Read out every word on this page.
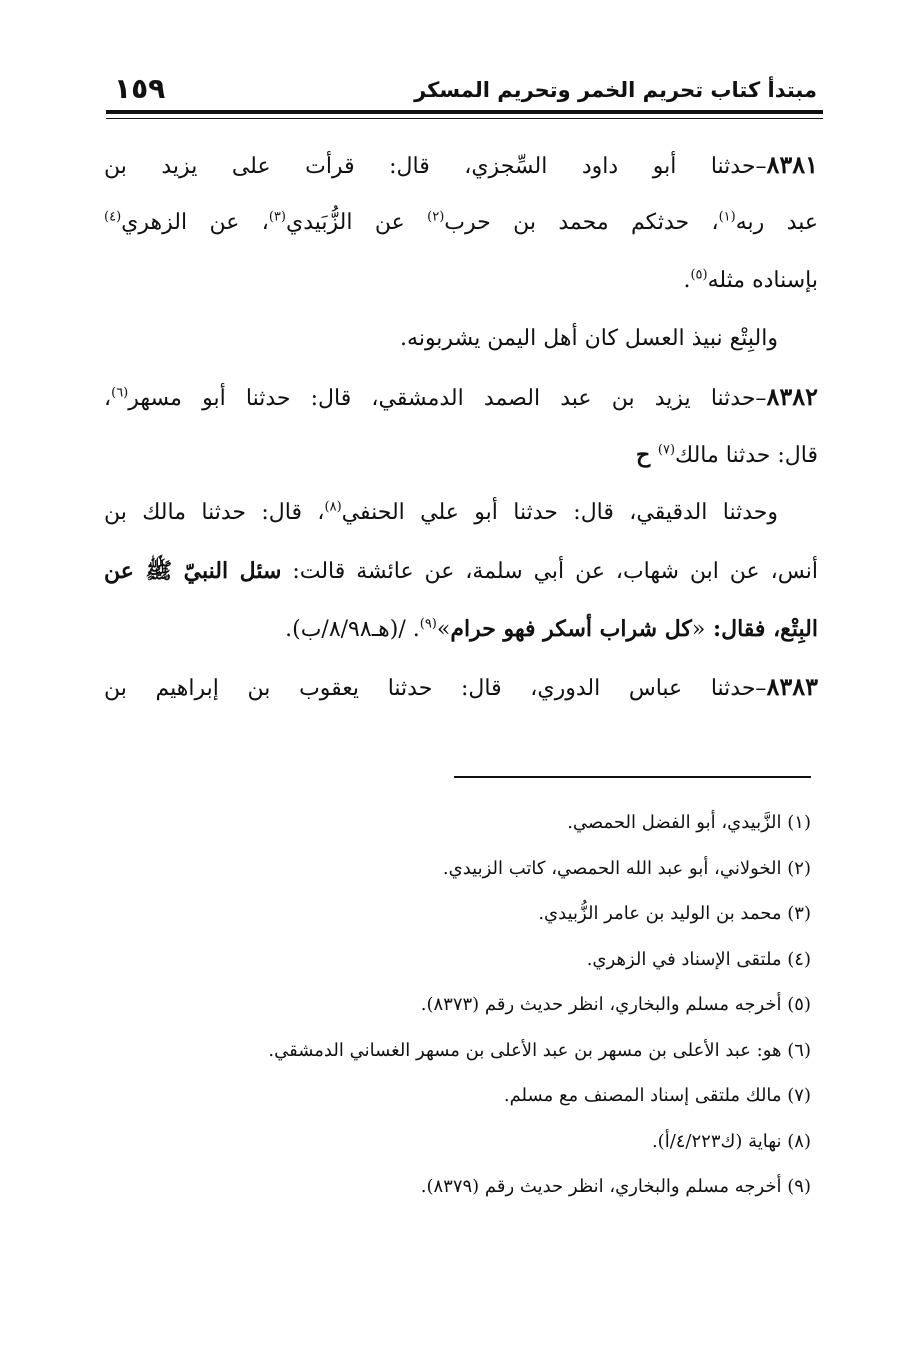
مبتدأ كتاب تحريم الخمر وتحريم المسكر
١٥٩
٨٣٨١–حدثنا أبو داود السِّجزي، قال: قرأت على يزيد بن
عبد ربه$^{(١)}$، حدثكم محمد بن حرب$^{(٢)}$ عن الزُّبَيدي$^{(٣)}$، عن الزهري$^{(٤)}$
بإسناده مثله$^{(٥)}$.
والبِتْع نبيذ العسل كان أهل اليمن يشربونه.
٨٣٨٢–حدثنا يزيد بن عبد الصمد الدمشقي، قال: حدثنا أبو مسهر$^{(٦)}$،
قال: حدثنا مالك$^{(٧)}$ ح
وحدثنا الدقيقي، قال: حدثنا أبو علي الحنفي$^{(٨)}$، قال: حدثنا مالك بن
أنس، عن ابن شهاب، عن أبي سلمة، عن عائشة قالت: سئل النبيّ ﷺ عن
البِتْع، فقال: «كل شراب أسكر فهو حرام»$^{(٩)}$. /(هـ٨/٩٨/ب).
٨٣٨٣–حدثنا عباس الدوري، قال: حدثنا يعقوب بن إبراهيم بن
(١) الزَّبيدي، أبو الفضل الحمصي.
(٢) الخولاني، أبو عبد الله الحمصي، كاتب الزبيدي.
(٣) محمد بن الوليد بن عامر الزُّبيدي.
(٤) ملتقى الإسناد في الزهري.
(٥) أخرجه مسلم والبخاري، انظر حديث رقم (٨٣٧٣).
(٦) هو: عبد الأعلى بن مسهر بن عبد الأعلى بن مسهر الغساني الدمشقي.
(٧) مالك ملتقى إسناد المصنف مع مسلم.
(٨) نهاية (ك٤/٢٢٣/أ).
(٩) أخرجه مسلم والبخاري، انظر حديث رقم (٨٣٧٩).
